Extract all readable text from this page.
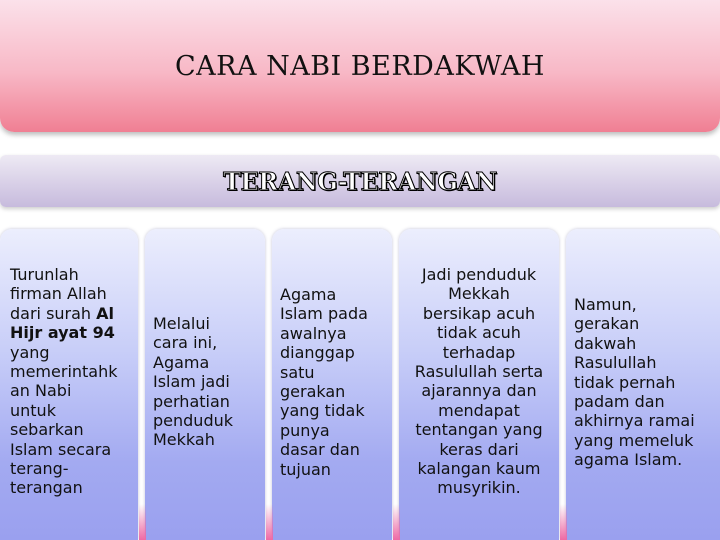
CARA NABI BERDAKWAH
TERANG-TERANGAN
Turunlah
firman Allah
dari surah Al
Hijr ayat 94
yang
memerintahk
an Nabi
untuk
sebarkan
Islam secara
terang-
terangan
Melalui
cara ini,
Agama
Islam jadi
perhatian
penduduk
Mekkah
Agama
Islam pada
awalnya
dianggap
satu
gerakan
yang tidak
punya
dasar dan
tujuan
Jadi penduduk
Mekkah
bersikap acuh
tidak acuh
terhadap
Rasulullah serta
ajarannya dan
mendapat
tentangan yang
keras dari
kalangan kaum
musyrikin.
Namun,
gerakan
dakwah
Rasulullah
tidak pernah
padam dan
akhirnya ramai
yang memeluk
agama Islam.
